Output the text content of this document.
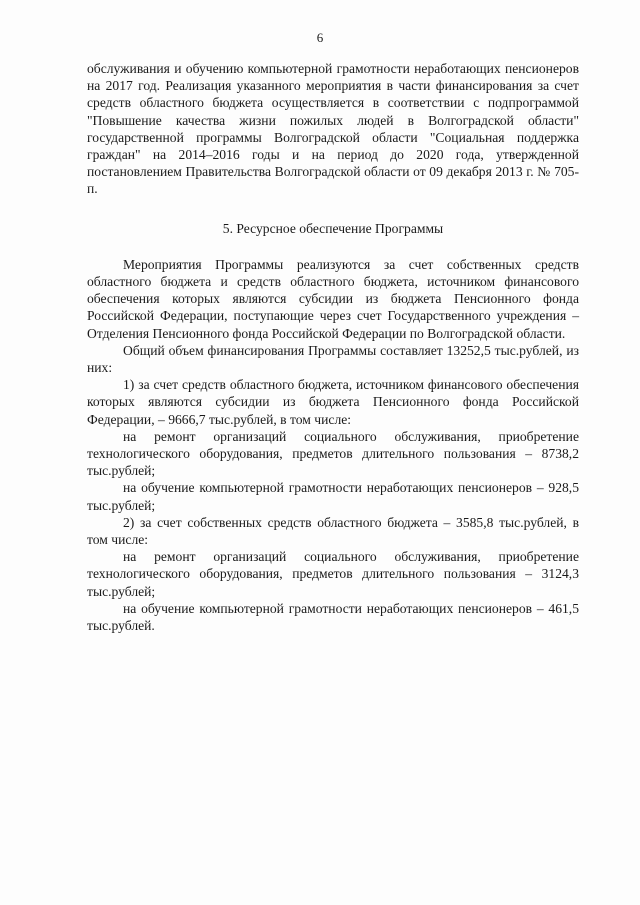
6

обслуживания и обучению компьютерной грамотности неработающих пенсионеров на 2017 год. Реализация указанного мероприятия в части финансирования за счет средств областного бюджета осуществляется в соответствии с подпрограммой "Повышение качества жизни пожилых людей в Волгоградской области" государственной программы Волгоградской области "Социальная поддержка граждан" на 2014–2016 годы и на период до 2020 года, утвержденной постановлением Правительства Волгоградской области от 09 декабря 2013 г. № 705-п.

5. Ресурсное обеспечение Программы

Мероприятия Программы реализуются за счет собственных средств областного бюджета и средств областного бюджета, источником финансового обеспечения которых являются субсидии из бюджета Пенсионного фонда Российской Федерации, поступающие через счет Государственного учреждения – Отделения Пенсионного фонда Российской Федерации по Волгоградской области.

Общий объем финансирования Программы составляет 13252,5 тыс.рублей, из них:

1) за счет средств областного бюджета, источником финансового обеспечения которых являются субсидии из бюджета Пенсионного фонда Российской Федерации, – 9666,7 тыс.рублей, в том числе:

на ремонт организаций социального обслуживания, приобретение технологического оборудования, предметов длительного пользования – 8738,2 тыс.рублей;

на обучение компьютерной грамотности неработающих пенсионеров – 928,5 тыс.рублей;

2) за счет собственных средств областного бюджета – 3585,8 тыс.рублей, в том числе:

на ремонт организаций социального обслуживания, приобретение технологического оборудования, предметов длительного пользования – 3124,3 тыс.рублей;

на обучение компьютерной грамотности неработающих пенсионеров – 461,5 тыс.рублей.
